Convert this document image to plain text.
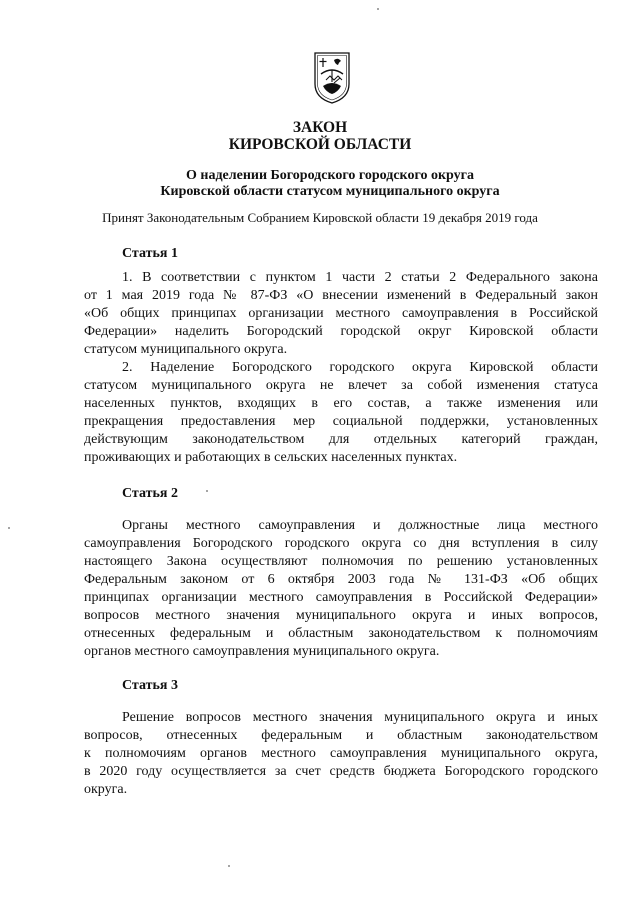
ЗАКОН
КИРОВСКОЙ ОБЛАСТИ
О наделении Богородского городского округа
Кировской области статусом муниципального округа
Принят Законодательным Собранием Кировской области 19 декабря 2019 года
Статья 1
1. В соответствии с пунктом 1 части 2 статьи 2 Федерального закона
от 1 мая 2019 года № 87-ФЗ «О внесении изменений в Федеральный закон
«Об общих принципах организации местного самоуправления в Российской
Федерации» наделить Богородский городской округ Кировской области
статусом муниципального округа.
2. Наделение Богородского городского округа Кировской области
статусом муниципального округа не влечет за собой изменения статуса
населенных пунктов, входящих в его состав, а также изменения или
прекращения предоставления мер социальной поддержки, установленных
действующим законодательством для отдельных категорий граждан,
проживающих и работающих в сельских населенных пунктах.
Статья 2
Органы местного самоуправления и должностные лица местного
самоуправления Богородского городского округа со дня вступления в силу
настоящего Закона осуществляют полномочия по решению установленных
Федеральным законом от 6 октября 2003 года № 131-ФЗ «Об общих
принципах организации местного самоуправления в Российской Федерации»
вопросов местного значения муниципального округа и иных вопросов,
отнесенных федеральным и областным законодательством к полномочиям
органов местного самоуправления муниципального округа.
Статья 3
Решение вопросов местного значения муниципального округа и иных
вопросов, отнесенных федеральным и областным законодательством
к полномочиям органов местного самоуправления муниципального округа,
в 2020 году осуществляется за счет средств бюджета Богородского городского
округа.
